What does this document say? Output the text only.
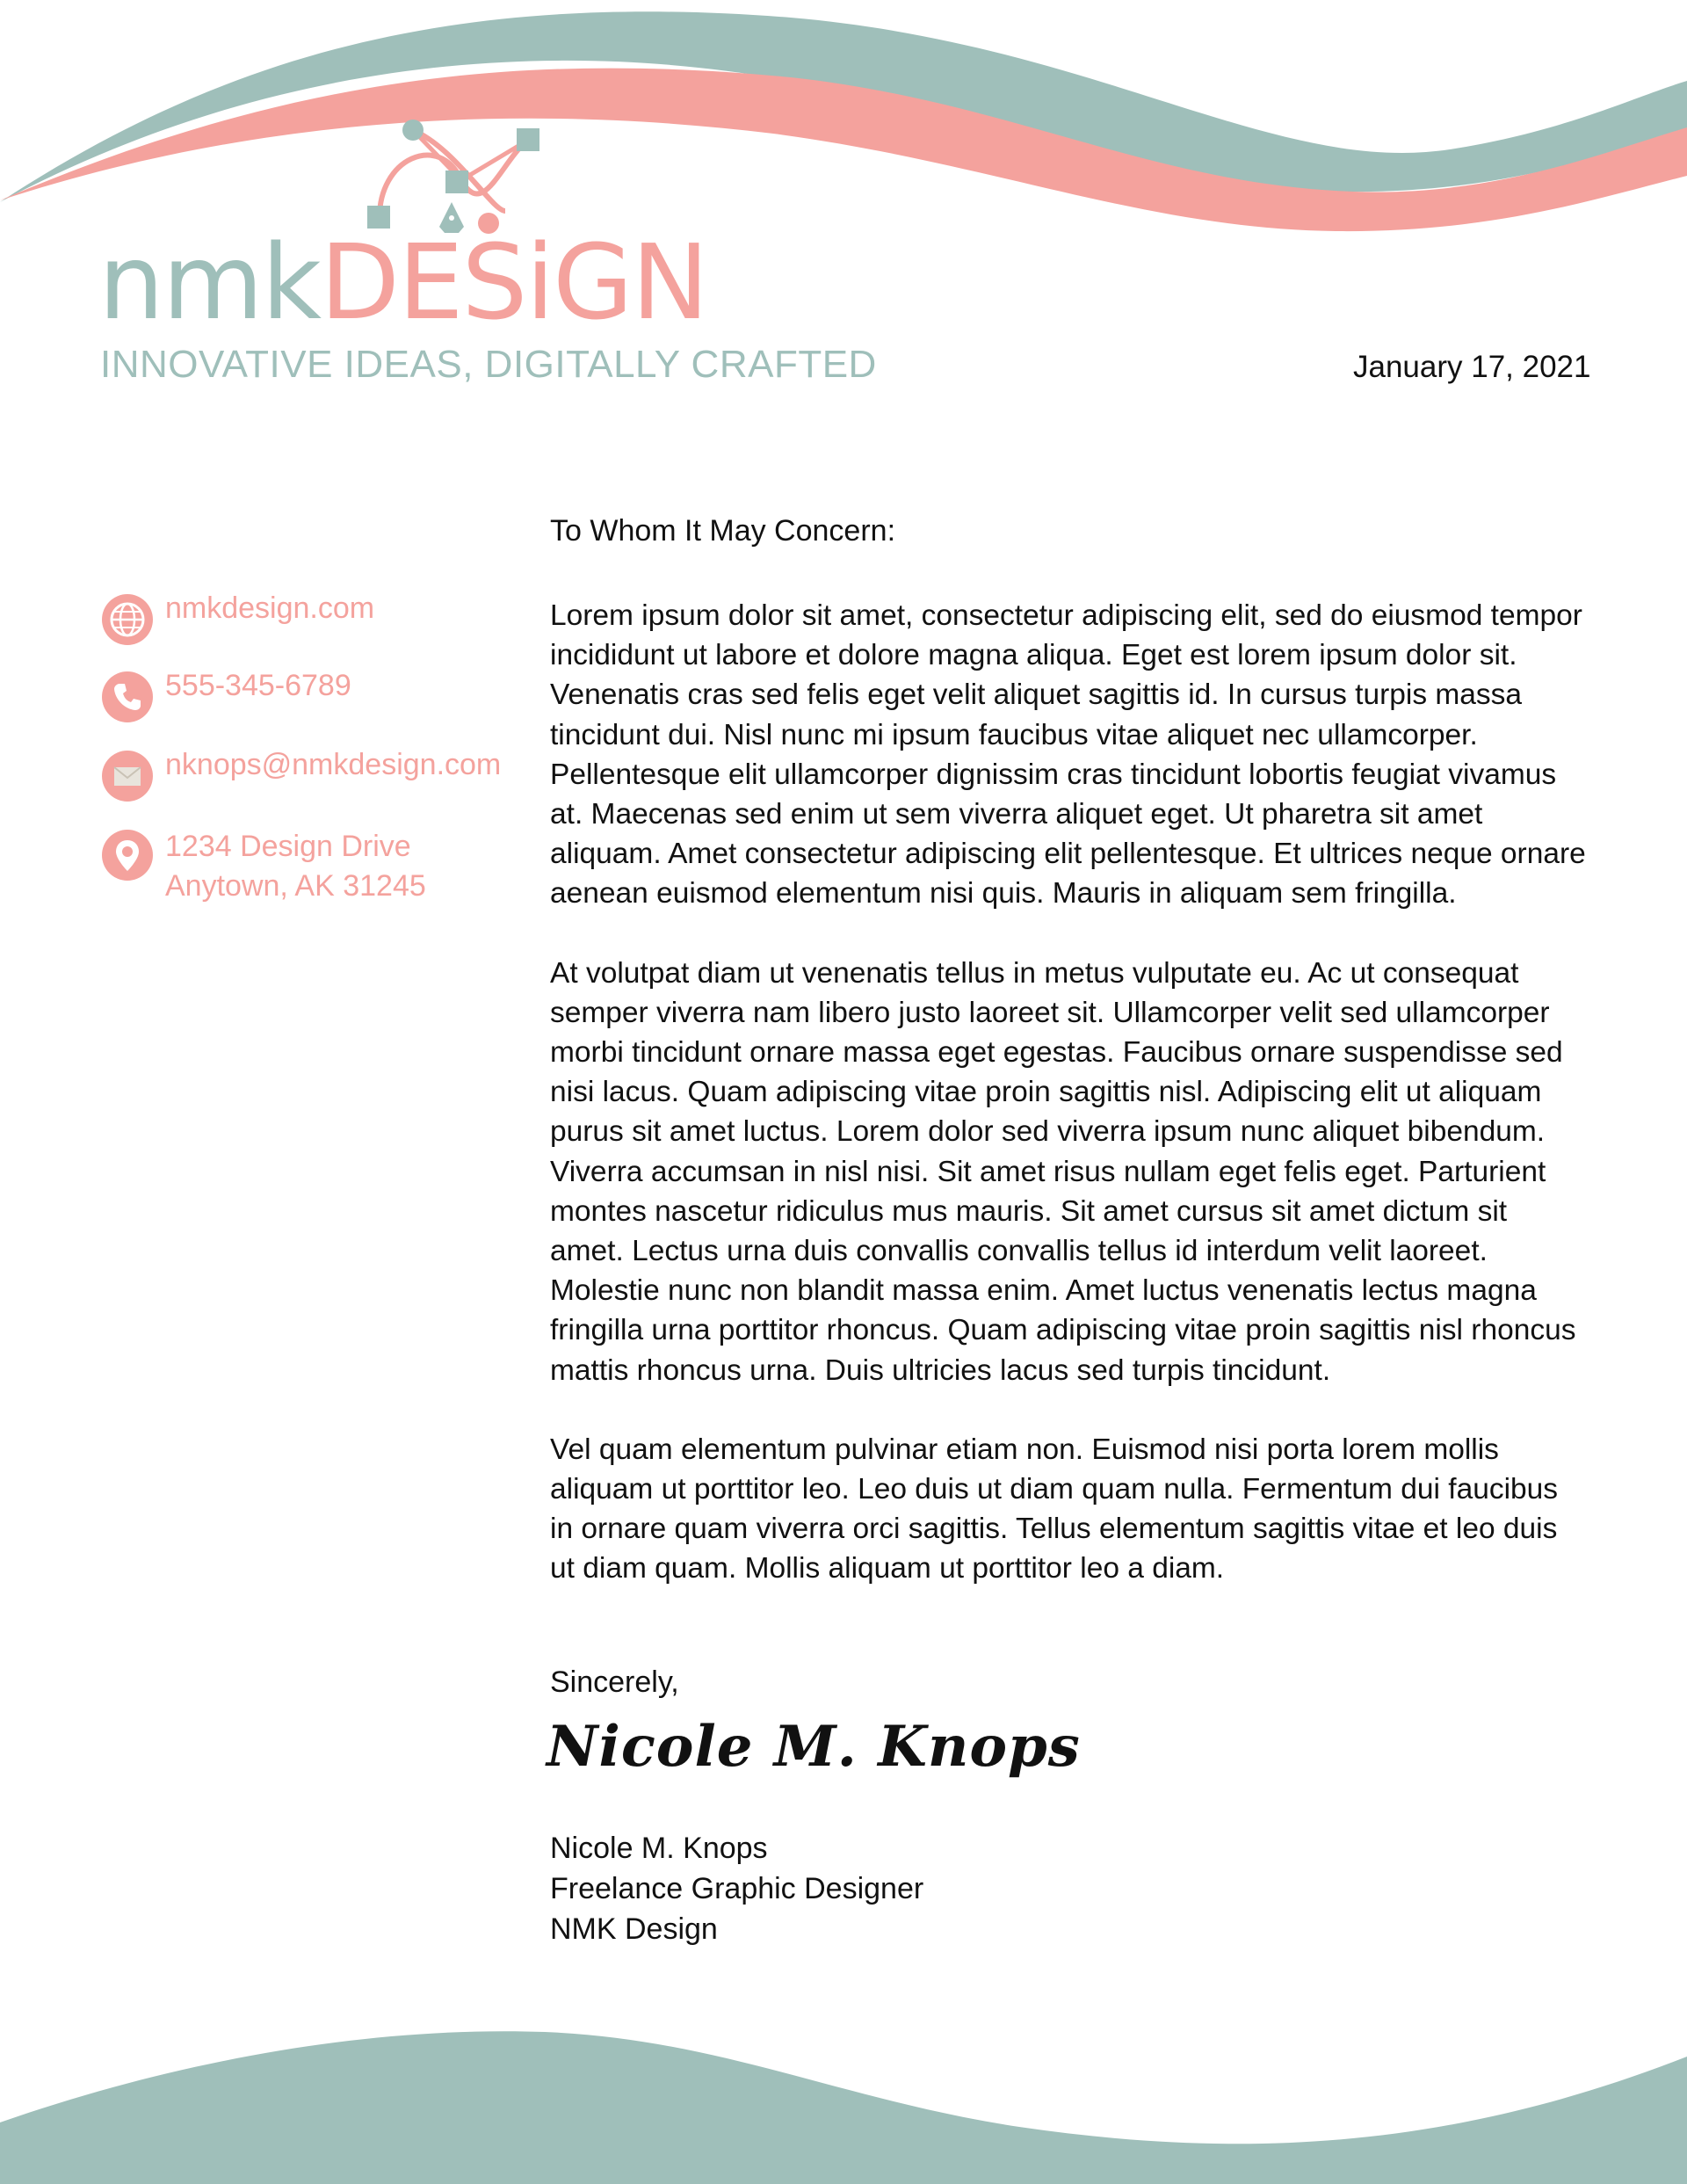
nmkDESiGN
INNOVATIVE IDEAS, DIGITALLY CRAFTED	January 17, 2021
nmkdesign.com
555-345-6789
nknops@nmkdesign.com
1234 Design Drive
Anytown, AK 31245
To Whom It May Concern:

Lorem ipsum dolor sit amet, consectetur adipiscing elit, sed do eiusmod tempor incididunt ut labore et dolore magna aliqua. Eget est lorem ipsum dolor sit. Venenatis cras sed felis eget velit aliquet sagittis id. In cursus turpis massa tincidunt dui. Nisl nunc mi ipsum faucibus vitae aliquet nec ullamcorper. Pellentesque elit ullamcorper dignissim cras tincidunt lobortis feugiat vivamus at. Maecenas sed enim ut sem viverra aliquet eget. Ut pharetra sit amet aliquam. Amet consectetur adipiscing elit pellentesque. Et ultrices neque ornare aenean euismod elementum nisi quis. Mauris in aliquam sem fringilla.

At volutpat diam ut venenatis tellus in metus vulputate eu. Ac ut consequat semper viverra nam libero justo laoreet sit. Ullamcorper velit sed ullamcorper morbi tincidunt ornare massa eget egestas. Faucibus ornare suspendisse sed nisi lacus. Quam adipiscing vitae proin sagittis nisl. Adipiscing elit ut aliquam purus sit amet luctus. Lorem dolor sed viverra ipsum nunc aliquet bibendum. Viverra accumsan in nisl nisi. Sit amet risus nullam eget felis eget. Parturient montes nascetur ridiculus mus mauris. Sit amet cursus sit amet dictum sit amet. Lectus urna duis convallis convallis tellus id interdum velit laoreet. Molestie nunc non blandit massa enim. Amet luctus venenatis lectus magna fringilla urna porttitor rhoncus. Quam adipiscing vitae proin sagittis nisl rhoncus mattis rhoncus urna. Duis ultricies lacus sed turpis tincidunt.

Vel quam elementum pulvinar etiam non. Euismod nisi porta lorem mollis aliquam ut porttitor leo. Leo duis ut diam quam nulla. Fermentum dui faucibus in ornare quam viverra orci sagittis. Tellus elementum sagittis vitae et leo duis ut diam quam. Mollis aliquam ut porttitor leo a diam.

Sincerely,
Nicole M. Knops
Nicole M. Knops
Freelance Graphic Designer
NMK Design
